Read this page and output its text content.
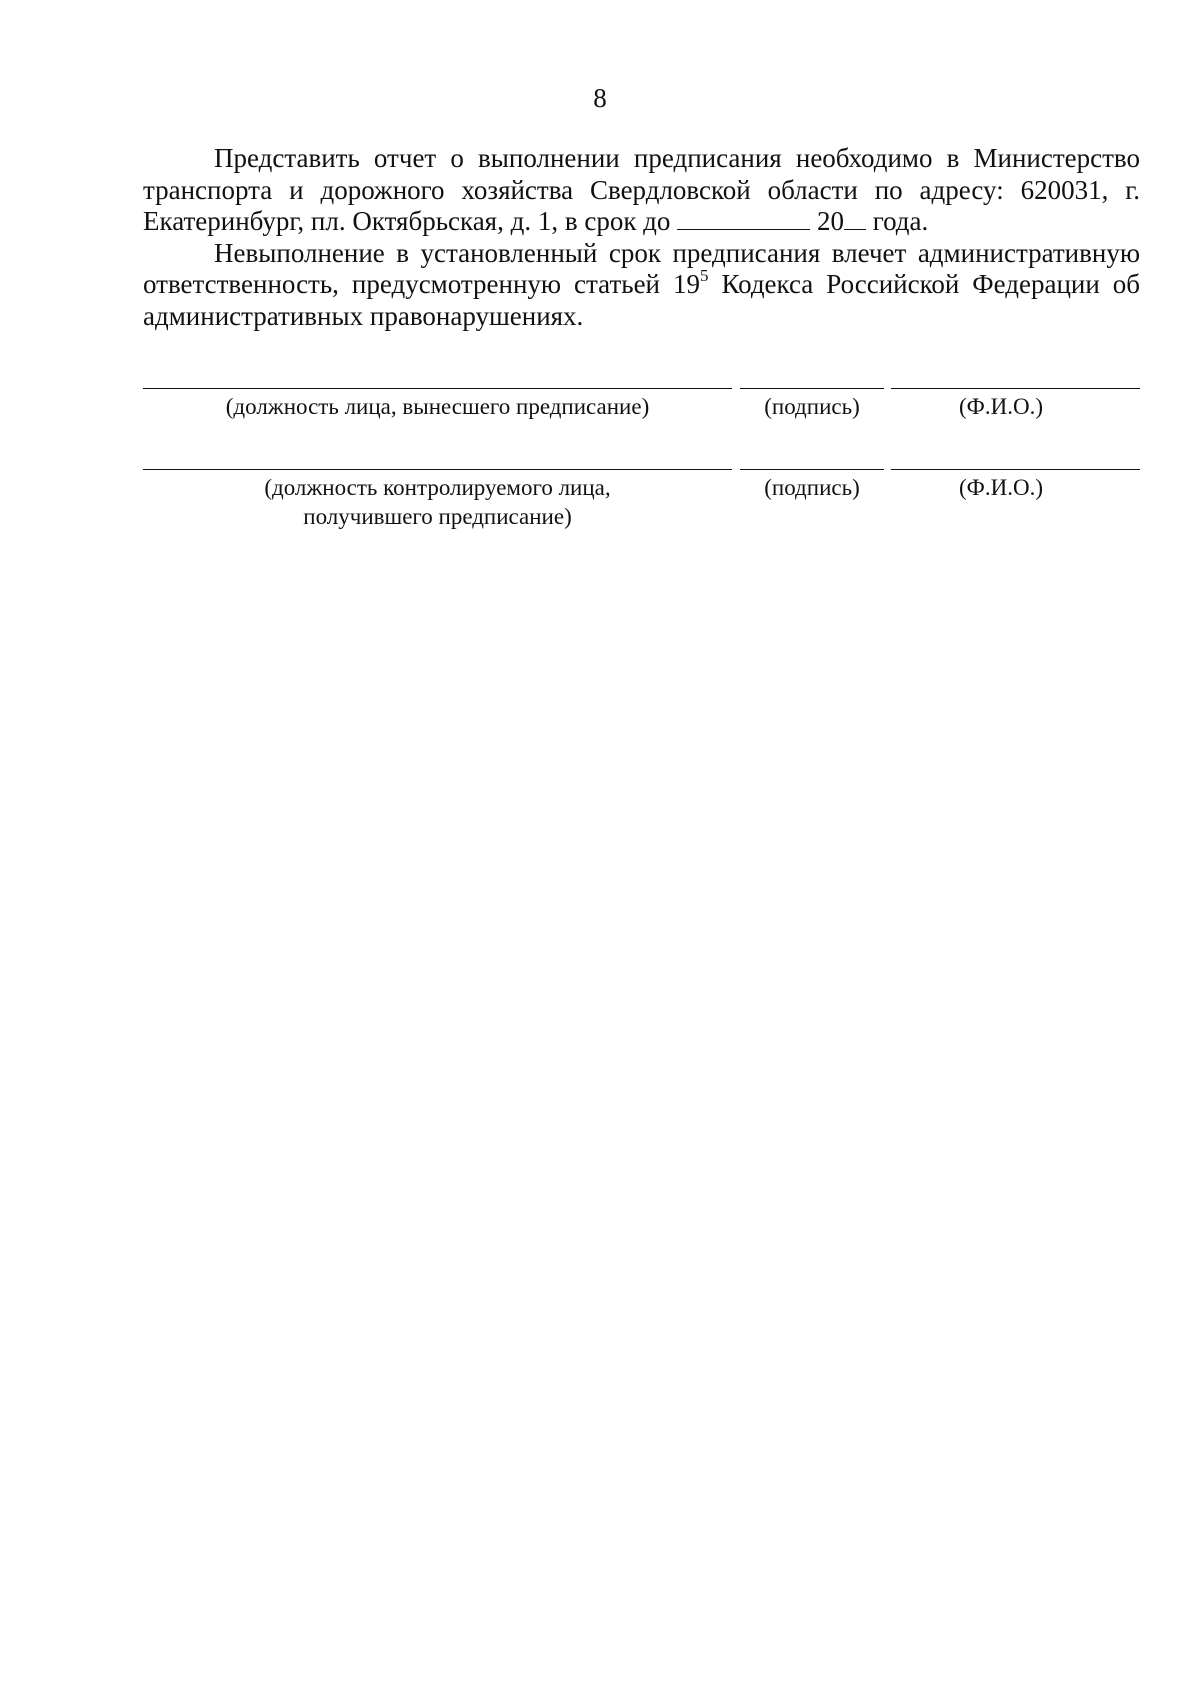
8

Представить отчет о выполнении предписания необходимо в Министерство транспорта и дорожного хозяйства Свердловской области по адресу: 620031, г. Екатеринбург, пл. Октябрьская, д. 1, в срок до	20 года.

Невыполнение в установленный срок предписания влечет административную ответственность, предусмотренную статьей $19^5$ Кодекса Российской Федерации об административных правонарушениях.

(должность лица, вынесшего предписание)	(подпись)	(Ф.И.О.)
(должность контролируемого лица,
получившего предписание)
(подпись)	(Ф.И.О.)
